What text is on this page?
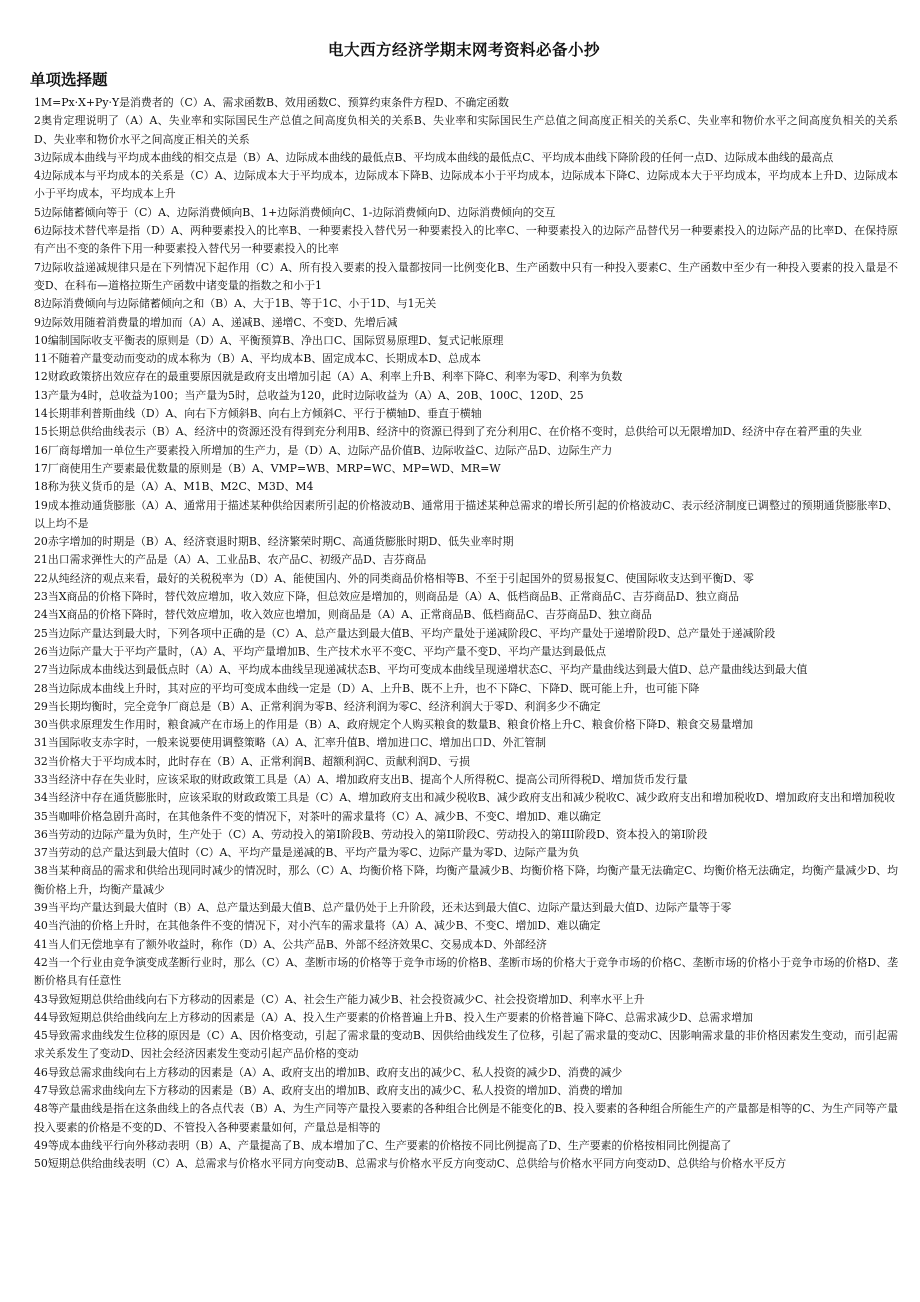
电大西方经济学期末网考资料必备小抄
单项选择题
1M=Px·X+Py·Y是消费者的（C）A、需求函数B、效用函数C、预算约束条件方程D、不确定函数
2奥肯定理说明了（A）A、失业率和实际国民生产总值之间高度负相关的关系B、失业率和实际国民生产总值之间高度正相关的关系C、失业率和物价水平之间高度负相关的关系D、失业率和物价水平之间高度正相关的关系
3边际成本曲线与平均成本曲线的相交点是（B）A、边际成本曲线的最低点B、平均成本曲线的最低点C、平均成本曲线下降阶段的任何一点D、边际成本曲线的最高点
4边际成本与平均成本的关系是（C）A、边际成本大于平均成本，边际成本下降B、边际成本小于平均成本，边际成本下降C、边际成本大于平均成本，平均成本上升D、边际成本小于平均成本，平均成本上升
5边际储蓄倾向等于（C）A、边际消费倾向B、1+边际消费倾向C、1-边际消费倾向D、边际消费倾向的交互
6边际技术替代率是指（D）A、两种要素投入的比率B、一种要素投入替代另一种要素投入的比率C、一种要素投入的边际产品替代另一种要素投入的边际产品的比率D、在保持原有产出不变的条件下用一种要素投入替代另一种要素投入的比率
7边际收益递减规律只是在下列情况下起作用（C）A、所有投入要素的投入量都按同一比例变化B、生产函数中只有一种投入要素C、生产函数中至少有一种投入要素的投入量是不变D、在科布—道格拉斯生产函数中诸变量的指数之和小于1
8边际消费倾向与边际储蓄倾向之和（B）A、大于1B、等于1C、小于1D、与1无关
9边际效用随着消费量的增加而（A）A、递减B、递增C、不变D、先增后减
10编制国际收支平衡表的原则是（D）A、平衡预算B、净出口C、国际贸易原理D、复式记帐原理
11不随着产量变动而变动的成本称为（B）A、平均成本B、固定成本C、长期成本D、总成本
12财政政策挤出效应存在的最重要原因就是政府支出增加引起（A）A、利率上升B、利率下降C、利率为零D、利率为负数
13产量为4时，总收益为100；当产量为5时，总收益为120，此时边际收益为（A）A、20B、100C、120D、25
14长期菲利普斯曲线（D）A、向右下方倾斜B、向右上方倾斜C、平行于横轴D、垂直于横轴
15长期总供给曲线表示（B）A、经济中的资源还没有得到充分利用B、经济中的资源已得到了充分利用C、在价格不变时，总供给可以无限增加D、经济中存在着严重的失业
16厂商每增加一单位生产要素投入所增加的生产力，是（D）A、边际产品价值B、边际收益C、边际产品D、边际生产力
17厂商使用生产要素最优数量的原则是（B）A、VMP=WB、MRP=WC、MP=WD、MR=W
18称为狭义货币的是（A）A、M1B、M2C、M3D、M4
19成本推动通货膨胀（A）A、通常用于描述某种供给因素所引起的价格波动B、通常用于描述某种总需求的增长所引起的价格波动C、表示经济制度已调整过的预期通货膨胀率D、以上均不是
20赤字增加的时期是（B）A、经济衰退时期B、经济繁荣时期C、高通货膨胀时期D、低失业率时期
21出口需求弹性大的产品是（A）A、工业品B、农产品C、初级产品D、吉芬商品
22从纯经济的观点来看，最好的关税税率为（D）A、能使国内、外的同类商品价格相等B、不至于引起国外的贸易报复C、使国际收支达到平衡D、零
23当X商品的价格下降时，替代效应增加，收入效应下降，但总效应是增加的，则商品是（A）A、低档商品B、正常商品C、吉芬商品D、独立商品
24当X商品的价格下降时，替代效应增加，收入效应也增加，则商品是（A）A、正常商品B、低档商品C、吉芬商品D、独立商品
25当边际产量达到最大时，下列各项中正确的是（C）A、总产量达到最大值B、平均产量处于递减阶段C、平均产量处于递增阶段D、总产量处于递减阶段
26当边际产量大于平均产量时，（A）A、平均产量增加B、生产技术水平不变C、平均产量不变D、平均产量达到最低点
27当边际成本曲线达到最低点时（A）A、平均成本曲线呈现递减状态B、平均可变成本曲线呈现递增状态C、平均产量曲线达到最大值D、总产量曲线达到最大值
28当边际成本曲线上升时，其对应的平均可变成本曲线一定是（D）A、上升B、既不上升，也不下降C、下降D、既可能上升，也可能下降
29当长期均衡时，完全竞争厂商总是（B）A、正常利润为零B、经济利润为零C、经济利润大于零D、利润多少不确定
30当供求原理发生作用时，粮食减产在市场上的作用是（B）A、政府规定个人购买粮食的数量B、粮食价格上升C、粮食价格下降D、粮食交易量增加
31当国际收支赤字时，一般来说要使用调整策略（A）A、汇率升值B、增加进口C、增加出口D、外汇管制
32当价格大于平均成本时，此时存在（B）A、正常利润B、超额利润C、贡献利润D、亏损
33当经济中存在失业时，应该采取的财政政策工具是（A）A、增加政府支出B、提高个人所得税C、提高公司所得税D、增加货币发行量
34当经济中存在通货膨胀时，应该采取的财政政策工具是（C）A、增加政府支出和减少税收B、减少政府支出和减少税收C、减少政府支出和增加税收D、增加政府支出和增加税收
35当咖啡价格急剧升高时，在其他条件不变的情况下，对茶叶的需求量将（C）A、减少B、不变C、增加D、难以确定
36当劳动的边际产量为负时，生产处于（C）A、劳动投入的第I阶段B、劳动投入的第II阶段C、劳动投入的第III阶段D、资本投入的第I阶段
37当劳动的总产量达到最大值时（C）A、平均产量是递减的B、平均产量为零C、边际产量为零D、边际产量为负
38当某种商品的需求和供给出现同时减少的情况时，那么（C）A、均衡价格下降，均衡产量减少B、均衡价格下降，均衡产量无法确定C、均衡价格无法确定，均衡产量减少D、均衡价格上升，均衡产量减少
39当平均产量达到最大值时（B）A、总产量达到最大值B、总产量仍处于上升阶段，还未达到最大值C、边际产量达到最大值D、边际产量等于零
40当汽油的价格上升时，在其他条件不变的情况下，对小汽车的需求量将（A）A、减少B、不变C、增加D、难以确定
41当人们无偿地享有了额外收益时，称作（D）A、公共产品B、外部不经济效果C、交易成本D、外部经济
42当一个行业由竞争演变成垄断行业时，那么（C）A、垄断市场的价格等于竞争市场的价格B、垄断市场的价格大于竞争市场的价格C、垄断市场的价格小于竞争市场的价格D、垄断价格具有任意性
43导致短期总供给曲线向右下方移动的因素是（C）A、社会生产能力减少B、社会投资减少C、社会投资增加D、利率水平上升
44导致短期总供给曲线向左上方移动的因素是（A）A、投入生产要素的价格普遍上升B、投入生产要素的价格普遍下降C、总需求减少D、总需求增加
45导致需求曲线发生位移的原因是（C）A、因价格变动，引起了需求量的变动B、因供给曲线发生了位移，引起了需求量的变动C、因影响需求量的非价格因素发生变动，而引起需求关系发生了变动D、因社会经济因素发生变动引起产品价格的变动
46导致总需求曲线向右上方移动的因素是（A）A、政府支出的增加B、政府支出的减少C、私人投资的减少D、消费的减少
47导致总需求曲线向左下方移动的因素是（B）A、政府支出的增加B、政府支出的减少C、私人投资的增加D、消费的增加
48等产量曲线是指在这条曲线上的各点代表（B）A、为生产同等产量投入要素的各种组合比例是不能变化的B、投入要素的各种组合所能生产的产量都是相等的C、为生产同等产量投入要素的价格是不变的D、不管投入各种要素量如何，产量总是相等的
49等成本曲线平行向外移动表明（B）A、产量提高了B、成本增加了C、生产要素的价格按不同比例提高了D、生产要素的价格按相同比例提高了
50短期总供给曲线表明（C）A、总需求与价格水平同方向变动B、总需求与价格水平反方向变动C、总供给与价格水平同方向变动D、总供给与价格水平反方
